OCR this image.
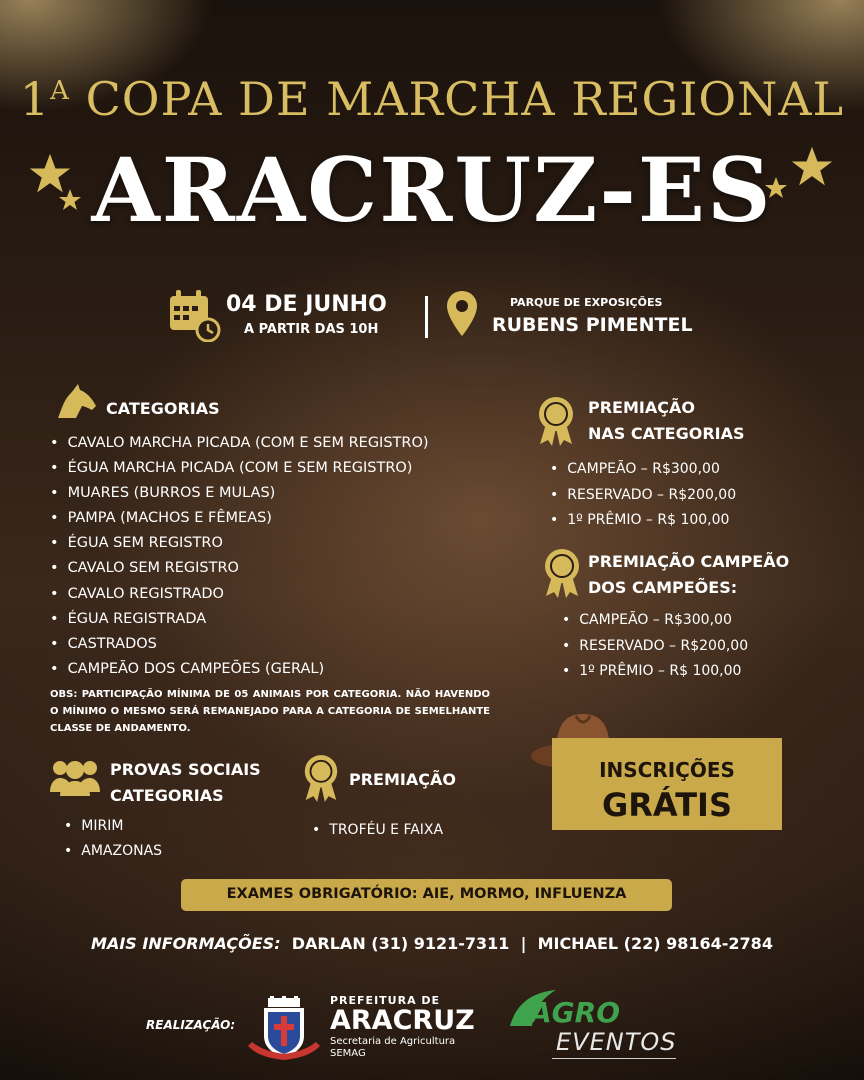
$1^A$ COPA DE MARCHA REGIONAL
ARACRUZ-ES
04 DE JUNHO
A PARTIR DAS 10H
PARQUE DE EXPOSIÇÕES
RUBENS PIMENTEL
CATEGORIAS
• CAVALO MARCHA PICADA (COM E SEM REGISTRO)
• ÉGUA MARCHA PICADA (COM E SEM REGISTRO)
• MUARES (BURROS E MULAS)
• PAMPA (MACHOS E FÊMEAS)
• ÉGUA SEM REGISTRO
• CAVALO SEM REGISTRO
• CAVALO REGISTRADO
• ÉGUA REGISTRADA
• CASTRADOS
• CAMPEÃO DOS CAMPEÕES (GERAL)
OBS: PARTICIPAÇÃO MÍNIMA DE 05 ANIMAIS POR CATEGORIA. NÃO HAVENDO O MÍNIMO O MESMO SERÁ REMANEJADO PARA A CATEGORIA DE SEMELHANTE CLASSE DE ANDAMENTO.
PREMIAÇÃO
NAS CATEGORIAS
• CAMPEÃO – R$300,00
• RESERVADO – R$200,00
• 1º PRÊMIO – R$ 100,00
PREMIAÇÃO CAMPEÃO
DOS CAMPEÕES:
• CAMPEÃO – R$300,00
• RESERVADO – R$200,00
• 1º PRÊMIO – R$ 100,00
INSCRIÇÕES
GRÁTIS
PROVAS SOCIAIS
CATEGORIAS
• MIRIM
• AMAZONAS
PREMIAÇÃO
• TROFÉU E FAIXA
EXAMES OBRIGATÓRIO: AIE, MORMO, INFLUENZA
MAIS INFORMAÇÕES: DARLAN (31) 9121-7311 | MICHAEL (22) 98164-2784
REALIZAÇÃO:
PREFEITURA DE
ARACRUZ
Secretaria de Agricultura
SEMAG
AGRO
EVENTOS
